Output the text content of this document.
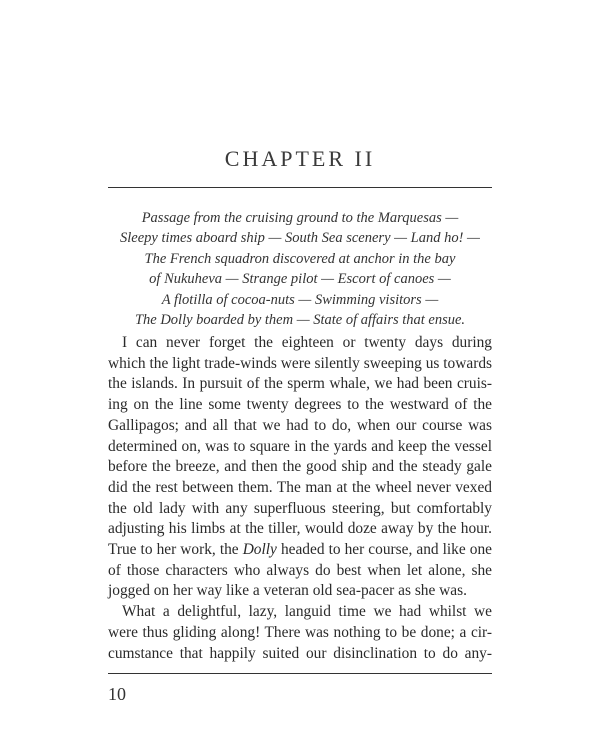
CHAPTER II

Passage from the cruising ground to the Marquesas —
Sleepy times aboard ship — South Sea scenery — Land ho! —
The French squadron discovered at anchor in the bay
of Nukuheva — Strange pilot — Escort of canoes —
A flotilla of cocoa-nuts — Swimming visitors —
The Dolly boarded by them — State of affairs that ensue.

I can never forget the eighteen or twenty days during
which the light trade-winds were silently sweeping us towards
the islands. In pursuit of the sperm whale, we had been cruis-
ing on the line some twenty degrees to the westward of the
Gallipagos; and all that we had to do, when our course was
determined on, was to square in the yards and keep the vessel
before the breeze, and then the good ship and the steady gale
did the rest between them. The man at the wheel never vexed
the old lady with any superfluous steering, but comfortably
adjusting his limbs at the tiller, would doze away by the hour.
True to her work, the Dolly headed to her course, and like one
of those characters who always do best when let alone, she
jogged on her way like a veteran old sea-pacer as she was.
What a delightful, lazy, languid time we had whilst we
were thus gliding along! There was nothing to be done; a cir-
cumstance that happily suited our disinclination to do any-

10
